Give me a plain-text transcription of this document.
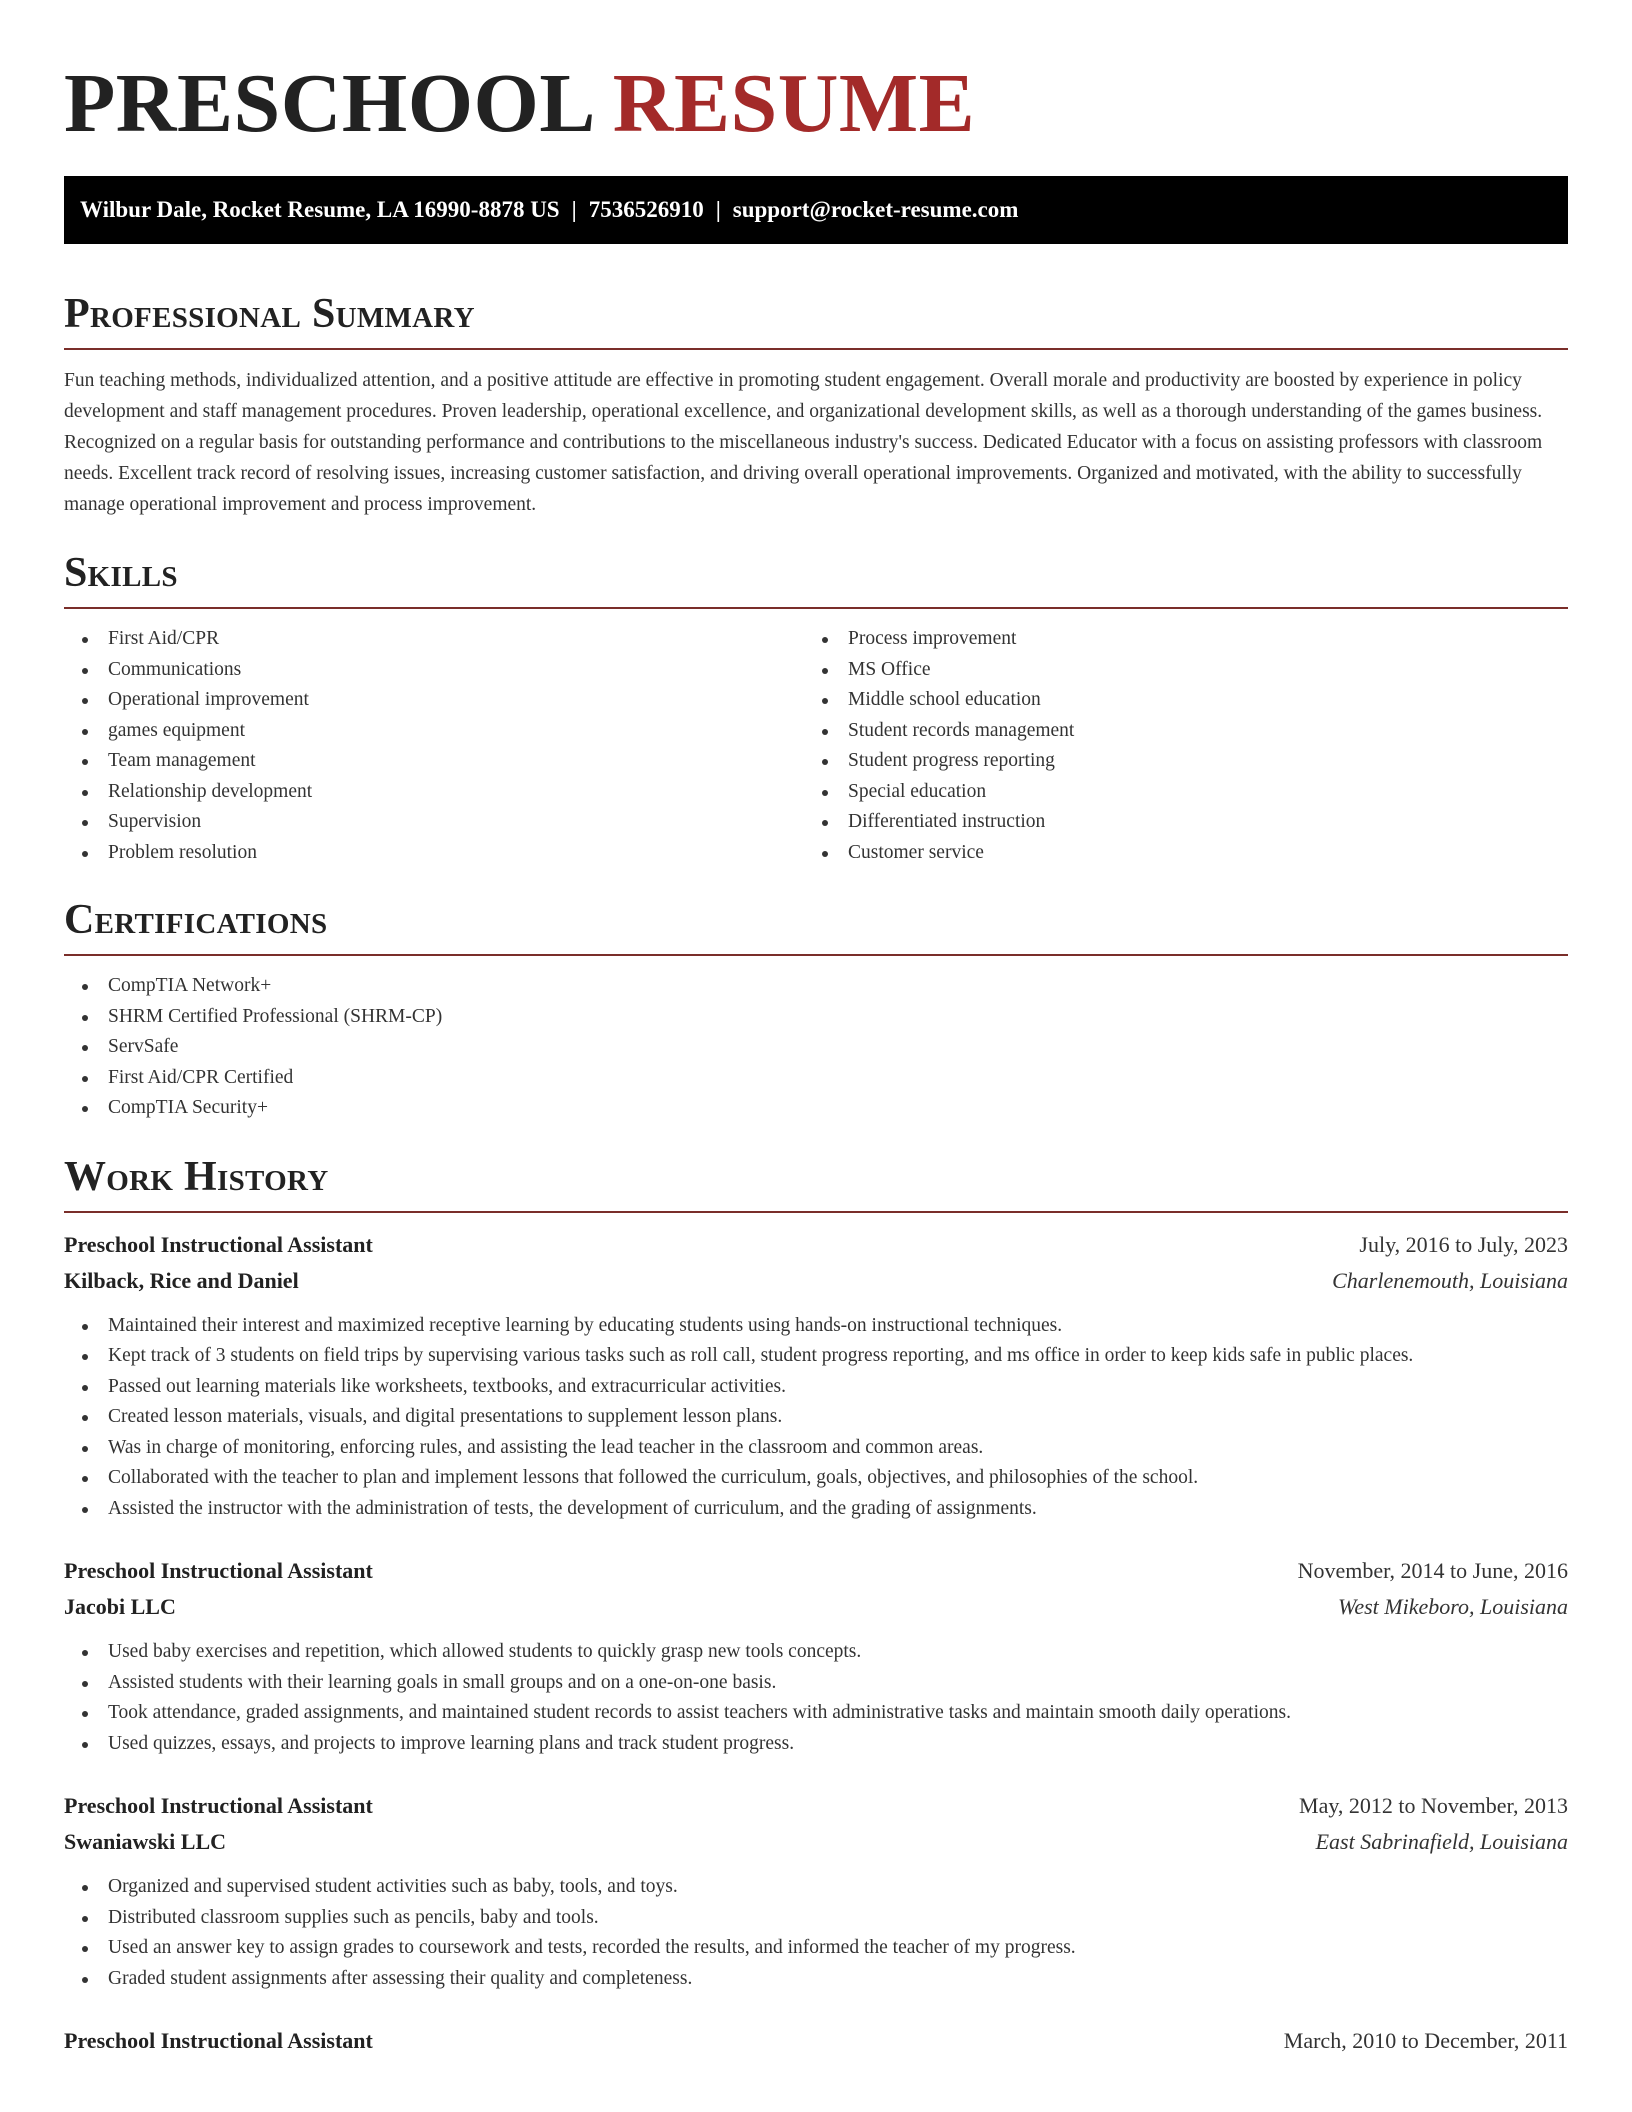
PRESCHOOL RESUME
Wilbur Dale, Rocket Resume, LA 16990-8878 US | 7536526910 | support@rocket-resume.com
Professional Summary

Fun teaching methods, individualized attention, and a positive attitude are effective in promoting student engagement. Overall morale and productivity are boosted by experience in policy development and staff management procedures. Proven leadership, operational excellence, and organizational development skills, as well as a thorough understanding of the games business. Recognized on a regular basis for outstanding performance and contributions to the miscellaneous industry's success. Dedicated Educator with a focus on assisting professors with classroom needs. Excellent track record of resolving issues, increasing customer satisfaction, and driving overall operational improvements. Organized and motivated, with the ability to successfully manage operational improvement and process improvement.

Skills
First Aid/CPR
Communications
Operational improvement
games equipment
Team management
Relationship development
Supervision
Problem resolution
Process improvement
MS Office
Middle school education
Student records management
Student progress reporting
Special education
Differentiated instruction
Customer service
Certifications
CompTIA Network+
SHRM Certified Professional (SHRM-CP)
ServSafe
First Aid/CPR Certified
CompTIA Security+
Work History
Preschool Instructional Assistant	July, 2016 to July, 2023
Kilback, Rice and Daniel	Charlenemouth, Louisiana
Maintained their interest and maximized receptive learning by educating students using hands-on instructional techniques.
Kept track of 3 students on field trips by supervising various tasks such as roll call, student progress reporting, and ms office in order to keep kids safe in public places.
Passed out learning materials like worksheets, textbooks, and extracurricular activities.
Created lesson materials, visuals, and digital presentations to supplement lesson plans.
Was in charge of monitoring, enforcing rules, and assisting the lead teacher in the classroom and common areas.
Collaborated with the teacher to plan and implement lessons that followed the curriculum, goals, objectives, and philosophies of the school.
Assisted the instructor with the administration of tests, the development of curriculum, and the grading of assignments.
Preschool Instructional Assistant	November, 2014 to June, 2016
Jacobi LLC	West Mikeboro, Louisiana
Used baby exercises and repetition, which allowed students to quickly grasp new tools concepts.
Assisted students with their learning goals in small groups and on a one-on-one basis.
Took attendance, graded assignments, and maintained student records to assist teachers with administrative tasks and maintain smooth daily operations.
Used quizzes, essays, and projects to improve learning plans and track student progress.
Preschool Instructional Assistant	May, 2012 to November, 2013
Swaniawski LLC	East Sabrinafield, Louisiana
Organized and supervised student activities such as baby, tools, and toys.
Distributed classroom supplies such as pencils, baby and tools.
Used an answer key to assign grades to coursework and tests, recorded the results, and informed the teacher of my progress.
Graded student assignments after assessing their quality and completeness.
Preschool Instructional Assistant	March, 2010 to December, 2011
